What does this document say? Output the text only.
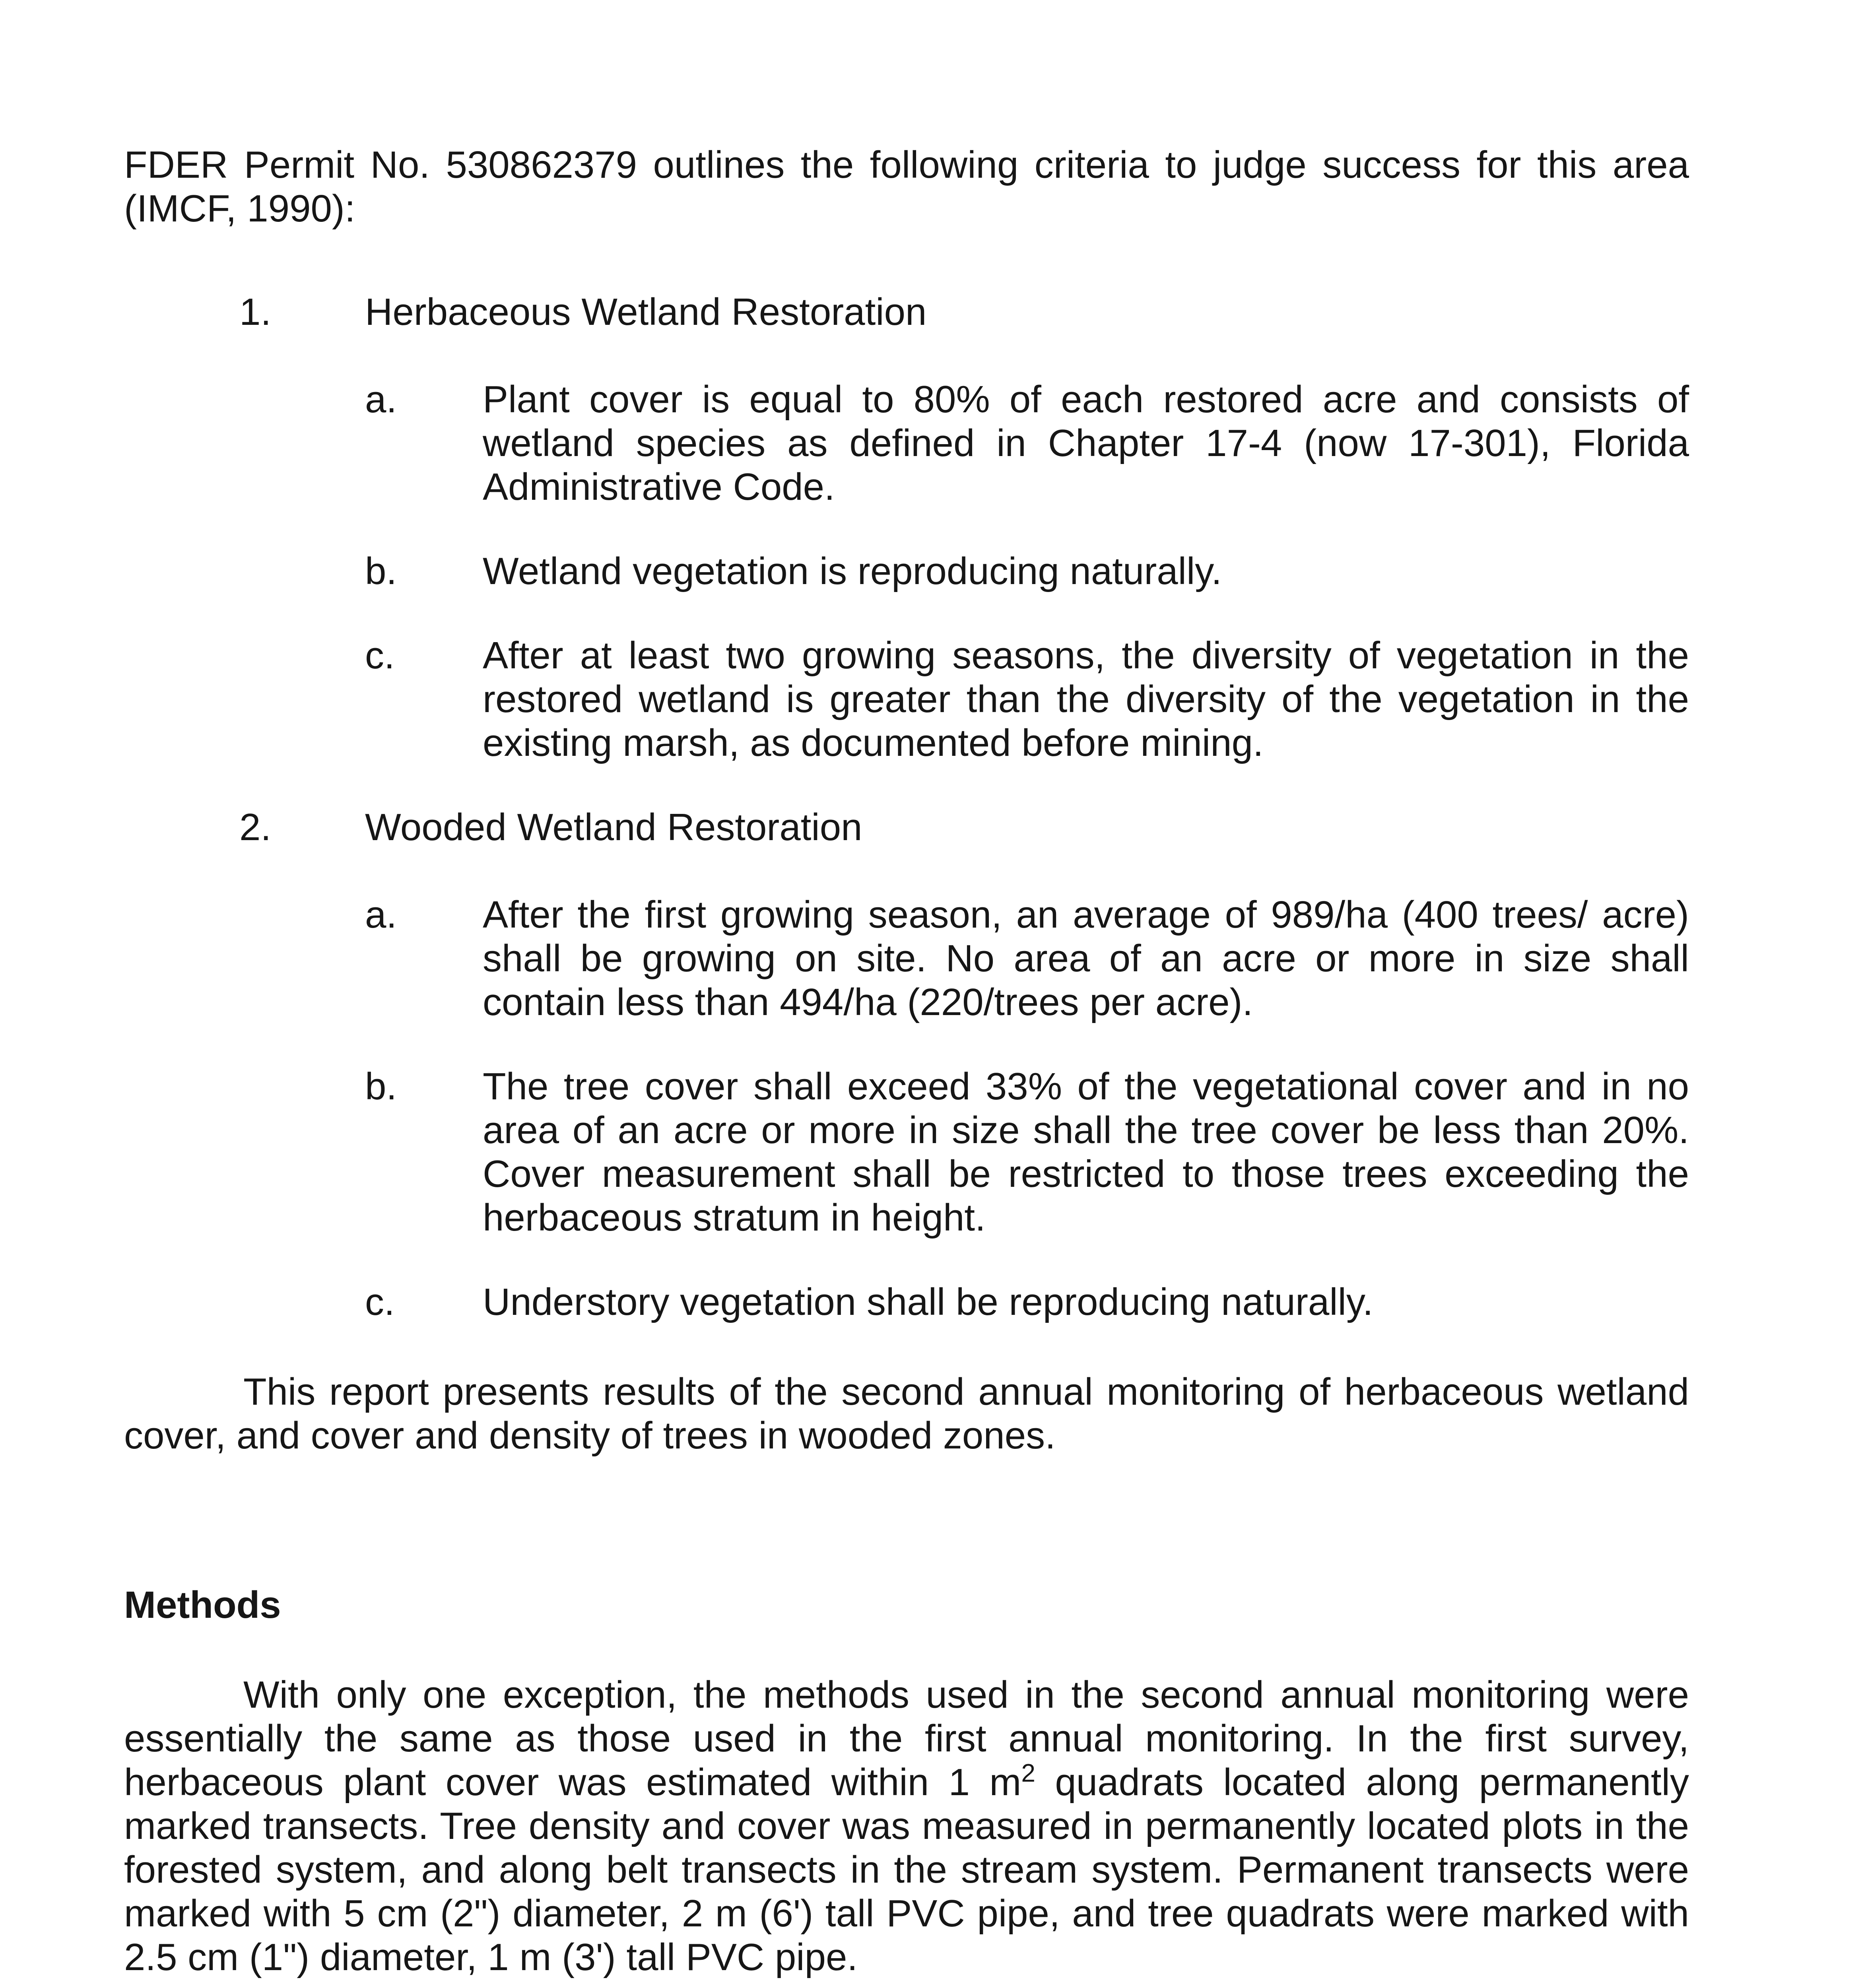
FDER Permit No. 530862379 outlines the following criteria to judge success for this area (IMCF, 1990):

1. Herbaceous Wetland Restoration
a. Plant cover is equal to 80% of each restored acre and consists of wetland species as defined in Chapter 17-4 (now 17-301), Florida Administrative Code.
b. Wetland vegetation is reproducing naturally.
c. After at least two growing seasons, the diversity of vegetation in the restored wetland is greater than the diversity of the vegetation in the existing marsh, as documented before mining.
2. Wooded Wetland Restoration
a. After the first growing season, an average of 989/ha (400 trees/ acre) shall be growing on site. No area of an acre or more in size shall contain less than 494/ha (220/trees per acre).
b. The tree cover shall exceed 33% of the vegetational cover and in no area of an acre or more in size shall the tree cover be less than 20%. Cover measurement shall be restricted to those trees exceeding the herbaceous stratum in height.
c. Understory vegetation shall be reproducing naturally.

This report presents results of the second annual monitoring of herbaceous wetland cover, and cover and density of trees in wooded zones.

Methods

With only one exception, the methods used in the second annual monitoring were essentially the same as those used in the first annual monitoring. In the first survey, herbaceous plant cover was estimated within 1 $m^2$ quadrats located along permanently marked transects. Tree density and cover was measured in permanently located plots in the forested system, and along belt transects in the stream system. Permanent transects were marked with 5 cm (2") diameter, 2 m (6') tall PVC pipe, and tree quadrats were marked with 2.5 cm (1") diameter, 1 m (3') tall PVC pipe.
